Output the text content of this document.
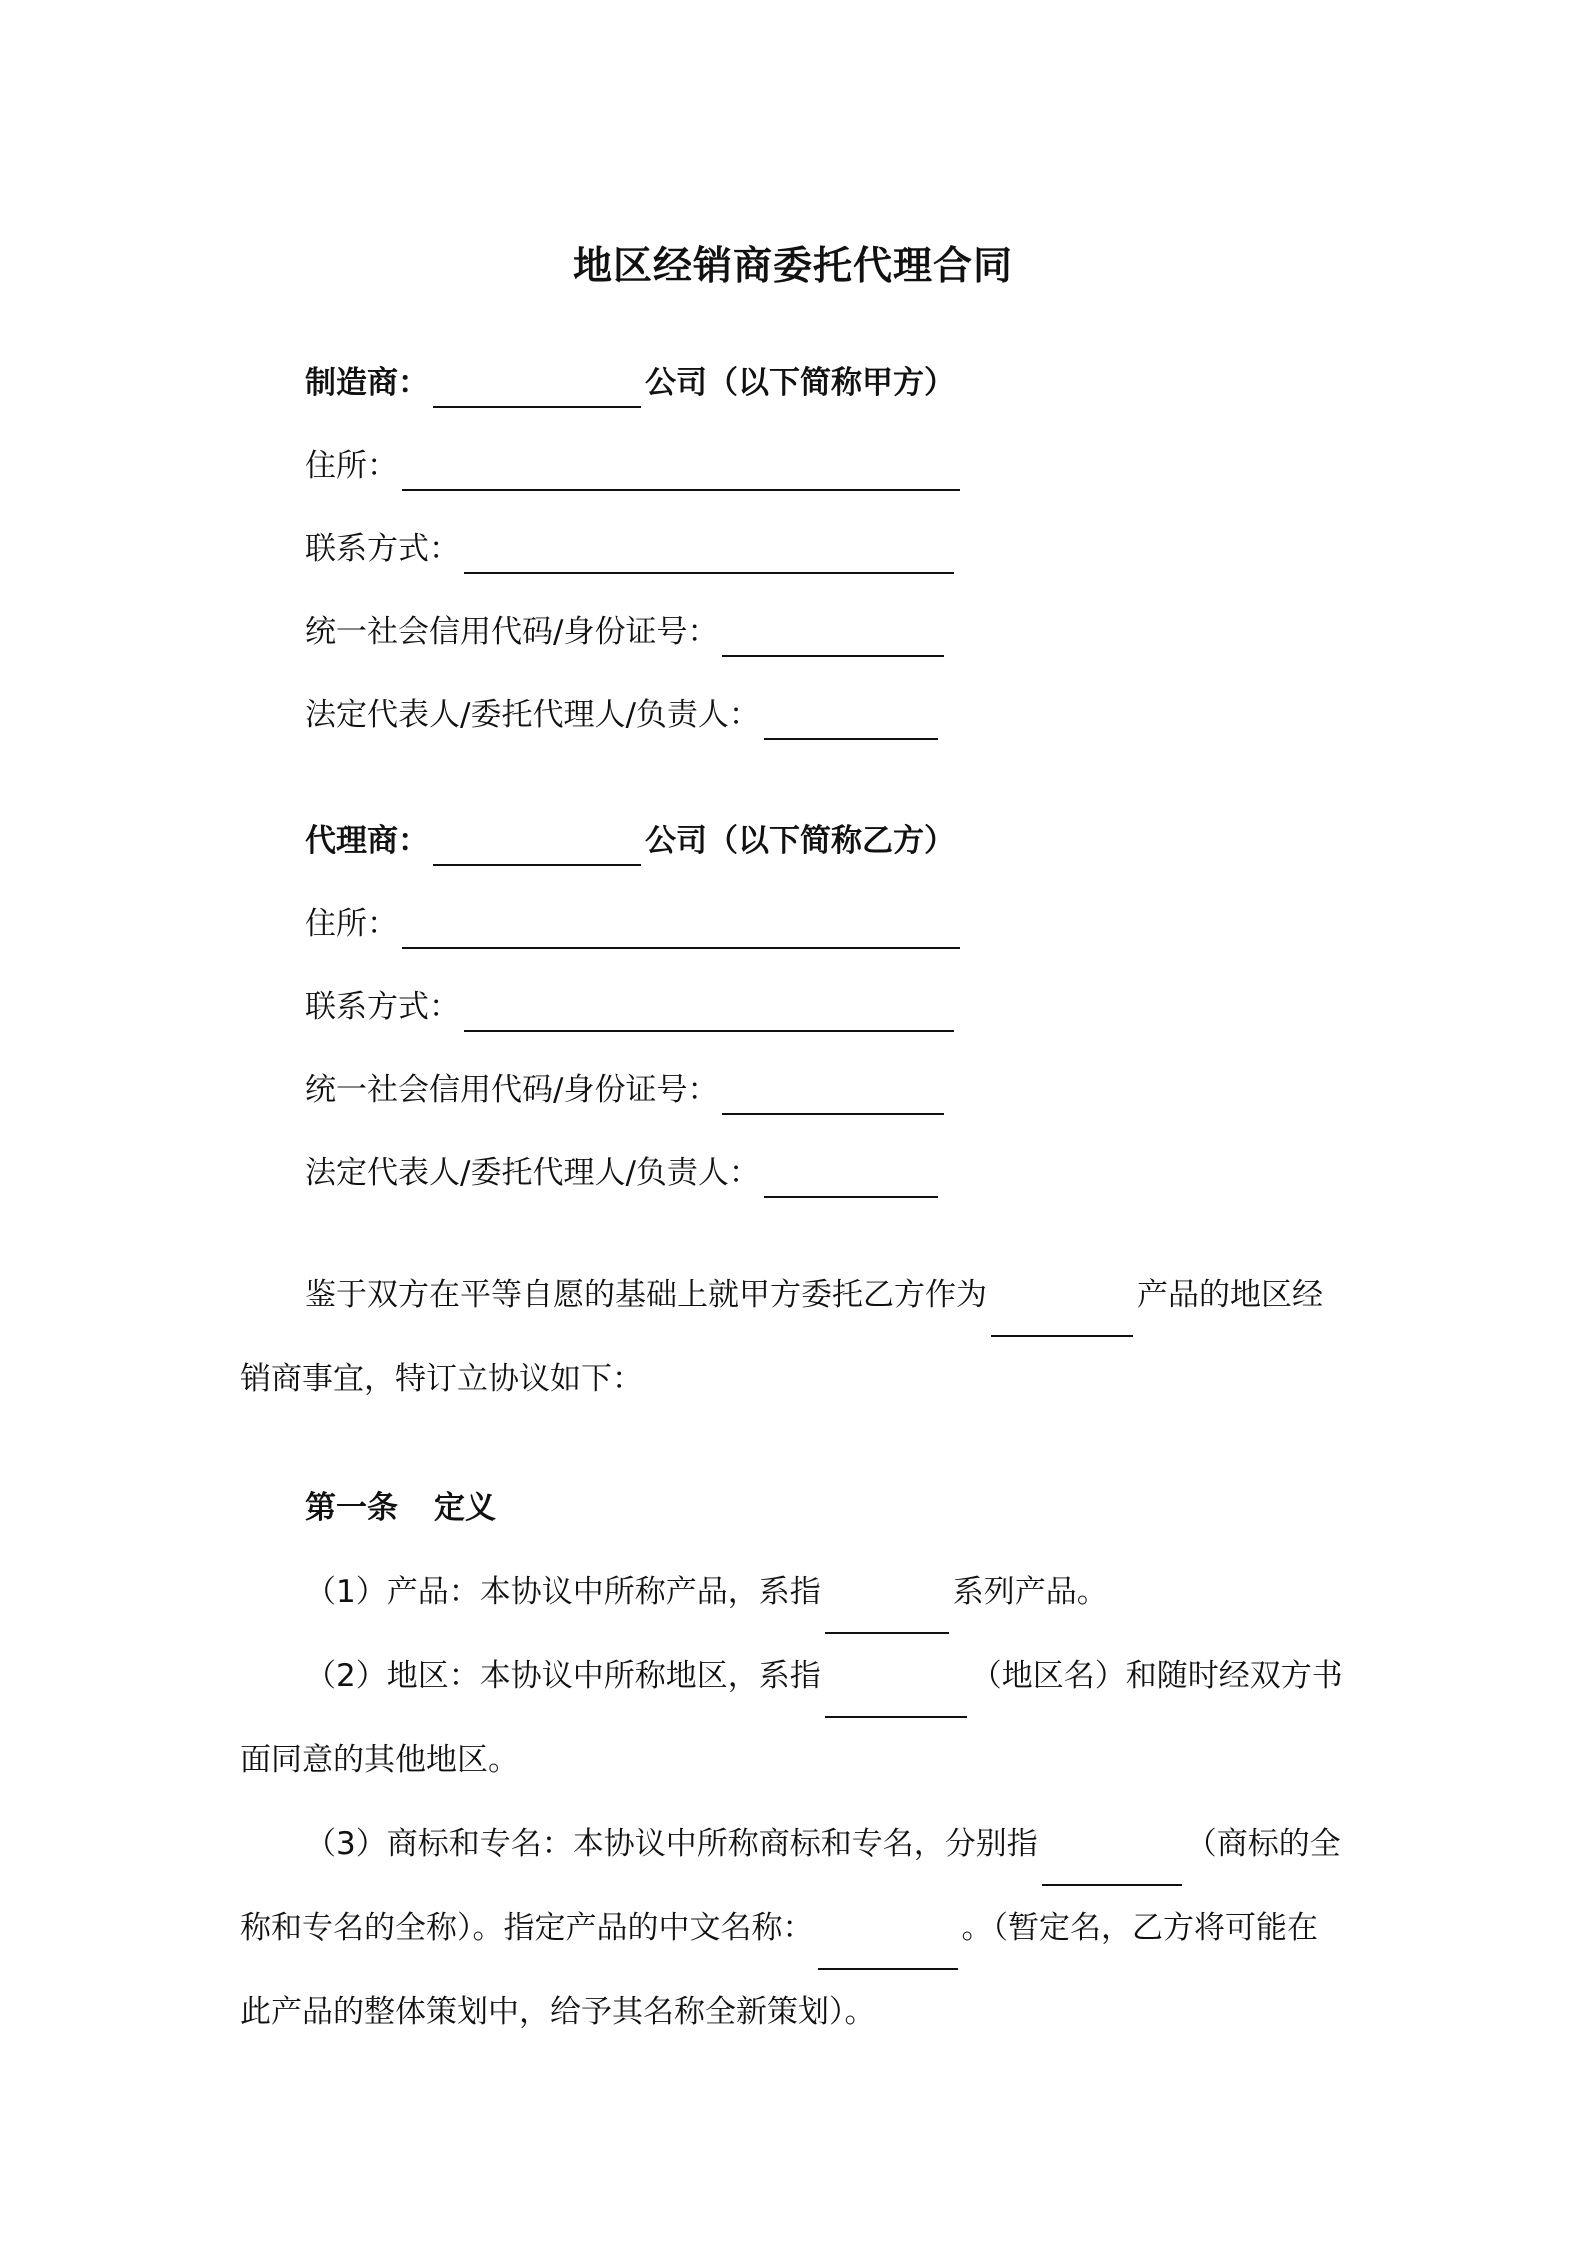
地区经销商委托代理合同
制造商：	公司（以下简称甲方）
住所：
联系方式：
统一社会信用代码/身份证号：
法定代表人/委托代理人/负责人：
代理商：	公司（以下简称乙方）
住所：
联系方式：
统一社会信用代码/身份证号：
法定代表人/委托代理人/负责人：
鉴于双方在平等自愿的基础上就甲方委托乙方作为	产品的地区经
销商事宜，特订立协议如下：
第一条 定义
（1）产品：本协议中所称产品，系指	系列产品。
（2）地区：本协议中所称地区，系指	（地区名）和随时经双方书
面同意的其他地区。
（3）商标和专名：本协议中所称商标和专名，分别指	（商标的全
称和专名的全称）。指定产品的中文名称：	。（暂定名，乙方将可能在
此产品的整体策划中，给予其名称全新策划）。
